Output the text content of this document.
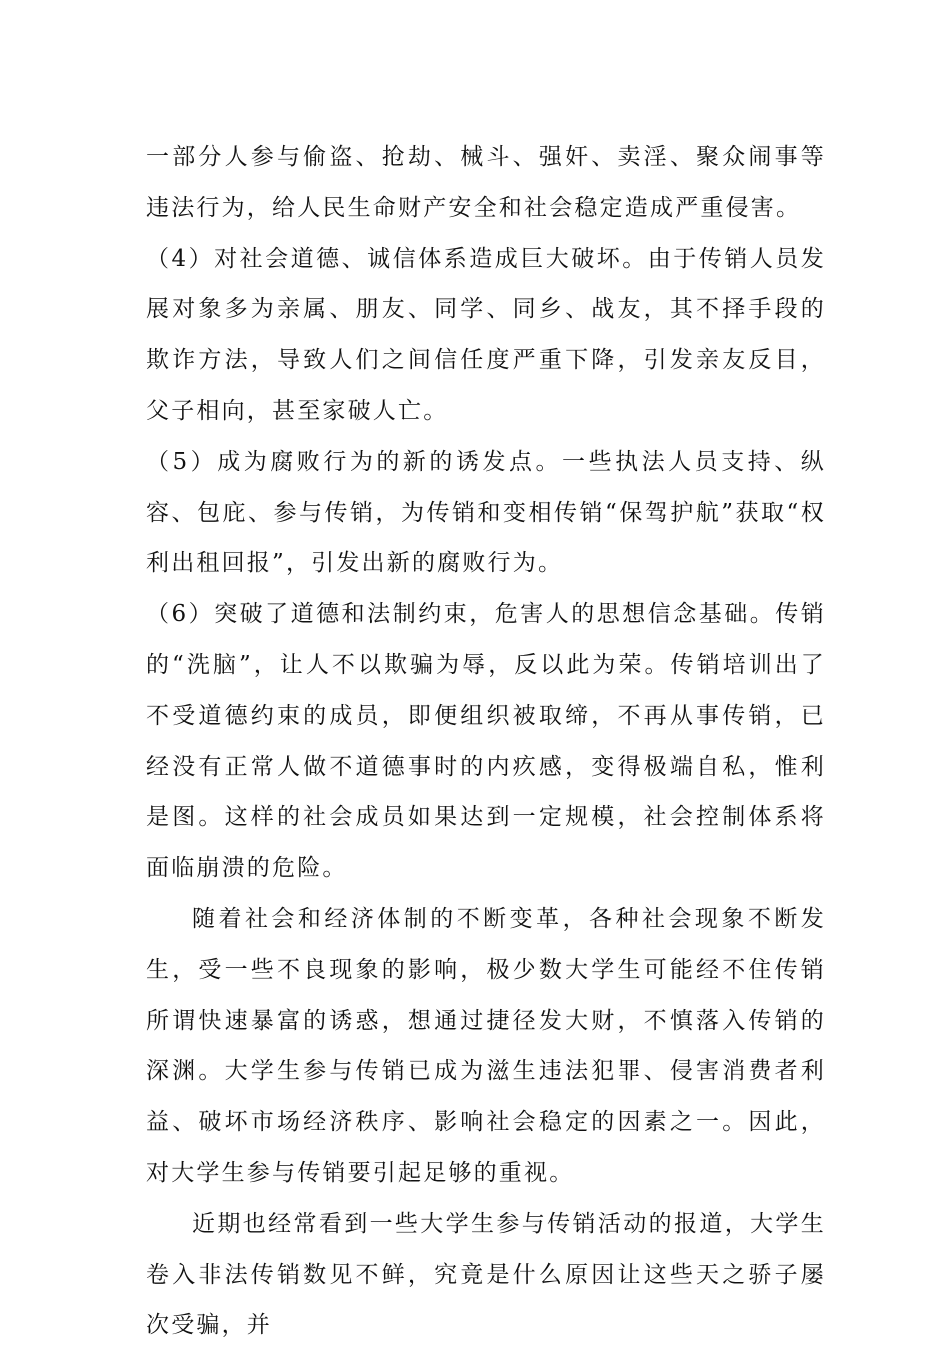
一部分人参与偷盗、抢劫、械斗、强奸、卖淫、聚众闹事等违法行为，给人民生命财产安全和社会稳定造成严重侵害。

（4）对社会道德、诚信体系造成巨大破坏。由于传销人员发展对象多为亲属、朋友、同学、同乡、战友，其不择手段的欺诈方法，导致人们之间信任度严重下降，引发亲友反目，父子相向，甚至家破人亡。

（5）成为腐败行为的新的诱发点。一些执法人员支持、纵容、包庇、参与传销，为传销和变相传销“保驾护航”获取“权利出租回报”，引发出新的腐败行为。

（6）突破了道德和法制约束，危害人的思想信念基础。传销的“洗脑”，让人不以欺骗为辱，反以此为荣。传销培训出了不受道德约束的成员，即便组织被取缔，不再从事传销，已经没有正常人做不道德事时的内疚感，变得极端自私，惟利是图。这样的社会成员如果达到一定规模，社会控制体系将面临崩溃的危险。

随着社会和经济体制的不断变革，各种社会现象不断发生，受一些不良现象的影响，极少数大学生可能经不住传销所谓快速暴富的诱惑，想通过捷径发大财，不慎落入传销的深渊。大学生参与传销已成为滋生违法犯罪、侵害消费者利益、破坏市场经济秩序、影响社会稳定的因素之一。因此，对大学生参与传销要引起足够的重视。

近期也经常看到一些大学生参与传销活动的报道，大学生卷入非法传销数见不鲜，究竟是什么原因让这些天之骄子屡次受骗，并
